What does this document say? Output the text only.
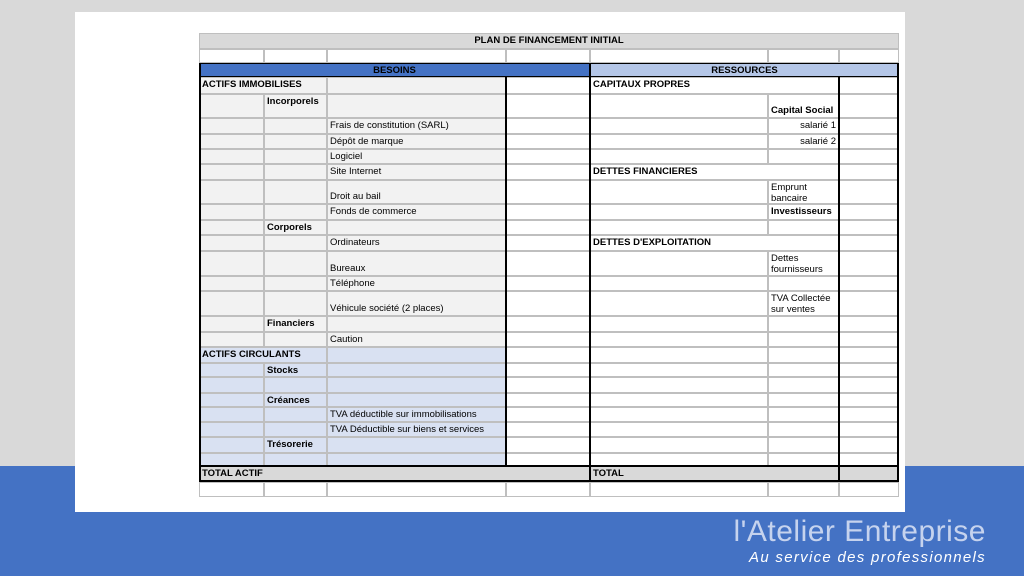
PLAN DE FINANCEMENT INITIAL
BESOINS	RESSOURCES
ACTIFS IMMOBILISES
Incorporels
Frais de constitution (SARL)
Dépôt de marque
Logiciel
Site Internet
Droit au bail
Fonds de commerce
Corporels
Ordinateurs
Bureaux
Téléphone
Véhicule société (2 places)
Financiers
Caution
ACTIFS CIRCULANTS
Stocks
Créances
TVA déductible sur immobilisations
TVA Déductible sur biens et services
Trésorerie
CAPITAUX PROPRES
Capital Social
salarié 1
salarié 2
DETTES FINANCIERES
Emprunt bancaire
Investisseurs
DETTES D'EXPLOITATION
Dettes fournisseurs
TVA Collectée sur ventes
TOTAL ACTIF	TOTAL
l'Atelier Entreprise
Au service des professionnels
